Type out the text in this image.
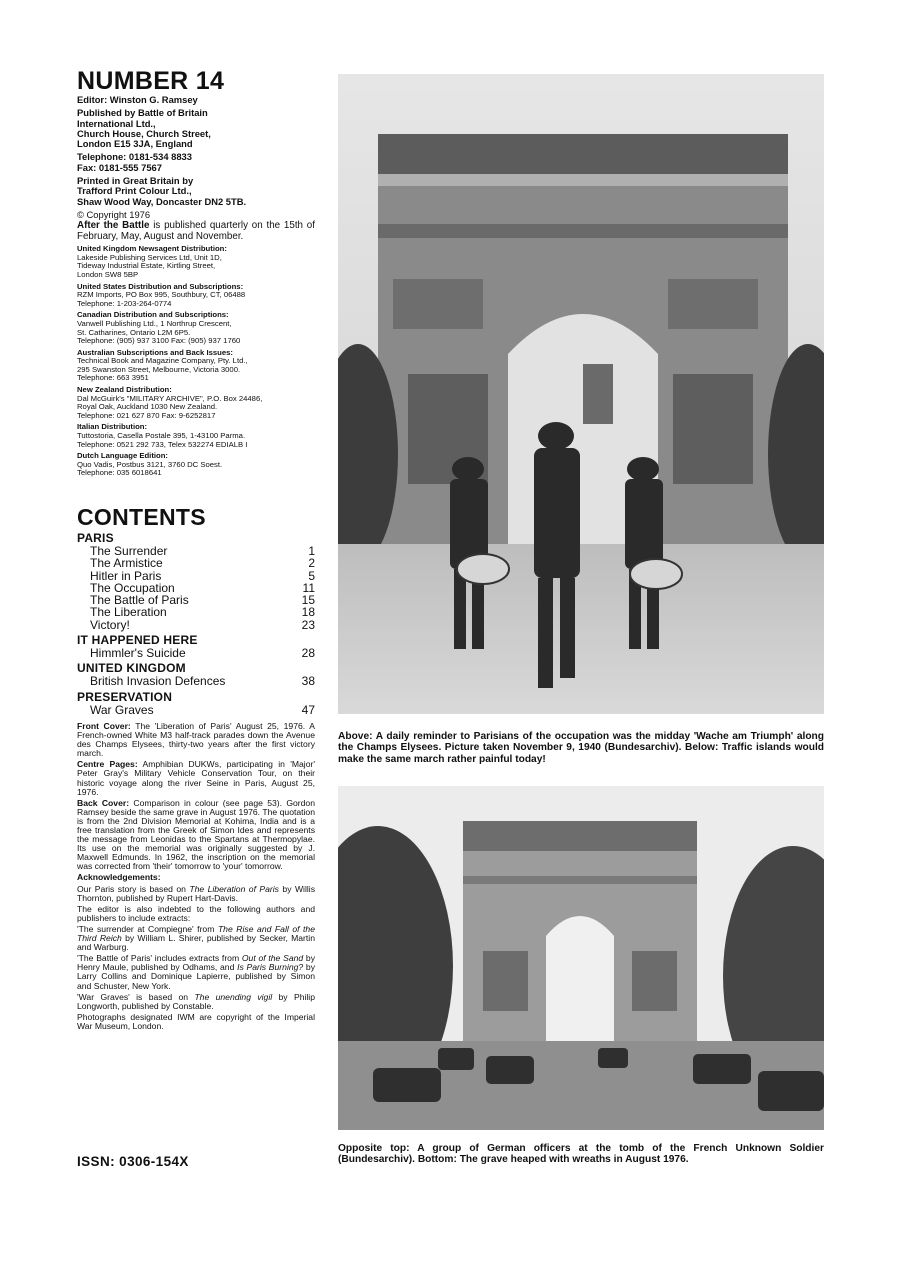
NUMBER 14
Editor: Winston G. Ramsey
Published by Battle of Britain
International Ltd.,
Church House, Church Street,
London E15 3JA, England
Telephone: 0181-534 8833
Fax: 0181-555 7567
Printed in Great Britain by
Trafford Print Colour Ltd.,
Shaw Wood Way, Doncaster DN2 5TB.
© Copyright 1976
After the Battle is published quarterly on the 15th of February, May, August and November.
United Kingdom Newsagent Distribution:
Lakeside Publishing Services Ltd, Unit 1D,
Tideway Industrial Estate, Kirtling Street,
London SW8 5BP
United States Distribution and Subscriptions:
RZM Imports, PO Box 995, Southbury, CT, 06488
Telephone: 1-203-264-0774
Canadian Distribution and Subscriptions:
Vanwell Publishing Ltd., 1 Northrup Crescent,
St. Catharines, Ontario L2M 6P5.
Telephone: (905) 937 3100 Fax: (905) 937 1760
Australian Subscriptions and Back Issues:
Technical Book and Magazine Company, Pty. Ltd.,
295 Swanston Street, Melbourne, Victoria 3000.
Telephone: 663 3951
New Zealand Distribution:
Dal McGuirk's "MILITARY ARCHIVE", P.O. Box 24486,
Royal Oak, Auckland 1030 New Zealand.
Telephone: 021 627 870 Fax: 9-6252817
Italian Distribution:
Tuttostoria, Casella Postale 395, 1-43100 Parma.
Telephone: 0521 292 733, Telex 532274 EDIALB I
Dutch Language Edition:
Quo Vadis, Postbus 3121, 3760 DC Soest.
Telephone: 035 6018641
CONTENTS
PARIS
The Surrender	1
The Armistice	2
Hitler in Paris	5
The Occupation	11
The Battle of Paris	15
The Liberation	18
Victory!	23
IT HAPPENED HERE
Himmler's Suicide	28
UNITED KINGDOM
British Invasion Defences	38
PRESERVATION
War Graves	47
Front Cover: The 'Liberation of Paris' August 25, 1976. A French-owned White M3 half-track parades down the Avenue des Champs Elysees, thirty-two years after the first victory march.
Centre Pages: Amphibian DUKWs, participating in 'Major' Peter Gray's Military Vehicle Conservation Tour, on their historic voyage along the river Seine in Paris, August 25, 1976.
Back Cover: Comparison in colour (see page 53). Gordon Ramsey beside the same grave in August 1976. The quotation is from the 2nd Division Memorial at Kohima, India and is a free translation from the Greek of Simon Ides and represents the message from Leonidas to the Spartans at Thermopylae. Its use on the memorial was originally suggested by J. Maxwell Edmunds. In 1962, the inscription on the memorial was corrected from 'their' tomorrow to 'your' tomorrow.
Acknowledgements:
Our Paris story is based on The Liberation of Paris by Willis Thornton, published by Rupert Hart-Davis.
The editor is also indebted to the following authors and publishers to include extracts:
'The surrender at Compiegne' from The Rise and Fall of the Third Reich by William L. Shirer, published by Secker, Martin and Warburg.
'The Battle of Paris' includes extracts from Out of the Sand by Henry Maule, published by Odhams, and Is Paris Burning? by Larry Collins and Dominique Lapierre, published by Simon and Schuster, New York.
'War Graves' is based on The unending vigil by Philip Longworth, published by Constable.
Photographs designated IWM are copyright of the Imperial War Museum, London.
ISSN: 0306-154X
Above: A daily reminder to Parisians of the occupation was the midday 'Wache am Triumph' along the Champs Elysees. Picture taken November 9, 1940 (Bundesarchiv). Below: Traffic islands would make the same march rather painful today!
Opposite top: A group of German officers at the tomb of the French Unknown Soldier (Bundesarchiv). Bottom: The grave heaped with wreaths in August 1976.
